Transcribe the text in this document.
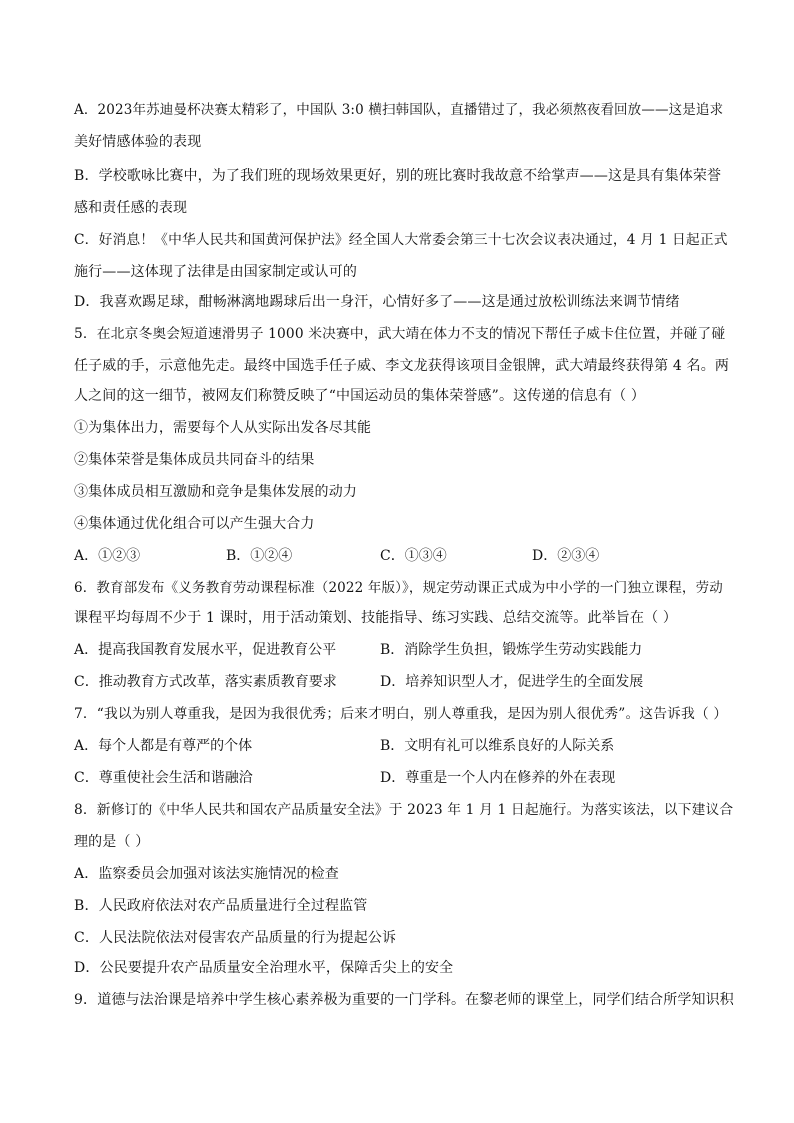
A．2023年苏迪曼杯决赛太精彩了，中国队 3:0 横扫韩国队，直播错过了，我必须熬夜看回放——这是追求
美好情感体验的表现
B．学校歌咏比赛中，为了我们班的现场效果更好，别的班比赛时我故意不给掌声——这是具有集体荣誉
感和责任感的表现
C．好消息！《中华人民共和国黄河保护法》经全国人大常委会第三十七次会议表决通过，4 月 1 日起正式
施行——这体现了法律是由国家制定或认可的
D．我喜欢踢足球，酣畅淋漓地踢球后出一身汗，心情好多了——这是通过放松训练法来调节情绪
5．在北京冬奥会短道速滑男子 1000 米决赛中，武大靖在体力不支的情况下帮任子威卡住位置，并碰了碰
任子威的手，示意他先走。最终中国选手任子威、李文龙获得该项目金银牌，武大靖最终获得第 4 名。两
人之间的这一细节，被网友们称赞反映了“中国运动员的集体荣誉感”。这传递的信息有（ ）
①为集体出力，需要每个人从实际出发各尽其能
②集体荣誉是集体成员共同奋斗的结果
③集体成员相互激励和竞争是集体发展的动力
④集体通过优化组合可以产生强大合力
A．①②③	B．①②④	C．①③④	D．②③④
6．教育部发布《义务教育劳动课程标准（2022 年版）》，规定劳动课正式成为中小学的一门独立课程，劳动
课程平均每周不少于 1 课时，用于活动策划、技能指导、练习实践、总结交流等。此举旨在（ ）
A．提高我国教育发展水平，促进教育公平	B．消除学生负担，锻炼学生劳动实践能力
C．推动教育方式改革，落实素质教育要求	D．培养知识型人才，促进学生的全面发展
7．“我以为别人尊重我，是因为我很优秀；后来才明白，别人尊重我，是因为别人很优秀”。这告诉我（ ）
A．每个人都是有尊严的个体	B．文明有礼可以维系良好的人际关系
C．尊重使社会生活和谐融洽	D．尊重是一个人内在修养的外在表现
8．新修订的《中华人民共和国农产品质量安全法》于 2023 年 1 月 1 日起施行。为落实该法，以下建议合
理的是（ ）
A．监察委员会加强对该法实施情况的检查
B．人民政府依法对农产品质量进行全过程监管
C．人民法院依法对侵害农产品质量的行为提起公诉
D．公民要提升农产品质量安全治理水平，保障舌尖上的安全
9．道德与法治课是培养中学生核心素养极为重要的一门学科。在黎老师的课堂上，同学们结合所学知识积
